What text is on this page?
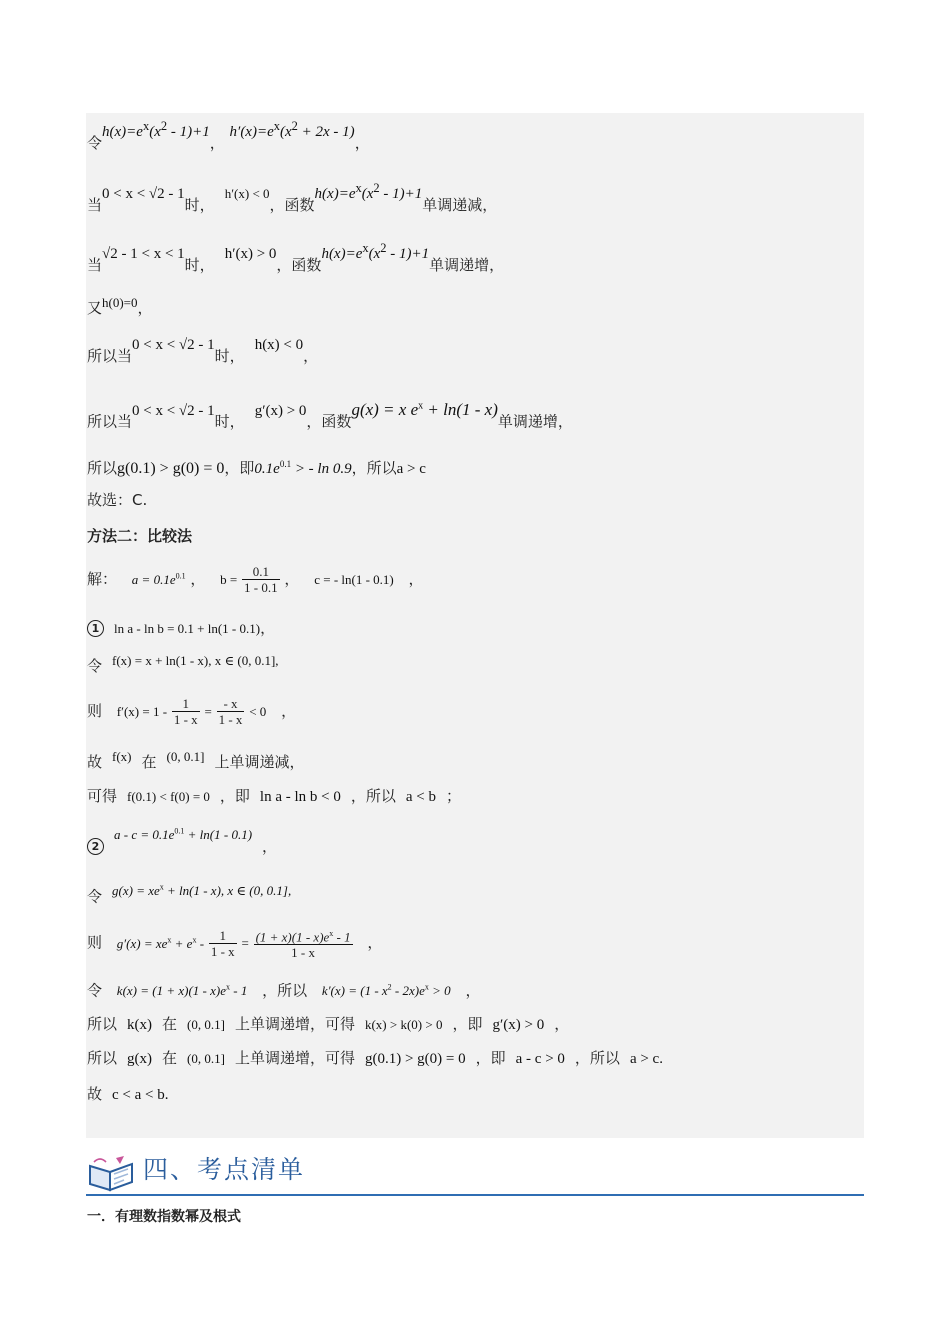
令$h(x)=e^x(x^2 - 1)+1$， $h'(x)=e^x(x^2 + 2x - 1)$，
当0 < x < √2 - 1时，h′(x) < 0，函数$h(x)=e^x(x^2 - 1)+1$单调递减，
当√2 - 1 < x < 1时，h′(x) > 0，函数$h(x)=e^x(x^2 - 1)+1$单调递增，
又h(0)=0，
所以当0 < x < √2 - 1时，h(x) < 0，
所以当0 < x < √2 - 1时，g′(x) > 0，函数g(x) = x $e^x + \ln(1 - x)$单调递增，
所以g(0.1) > g(0) = 0，即$0.1e^{0.1}$ > - ln 0.9，所以a > c
故选：C.
方法二：比较法
解： $a = 0.1e^{0.1}$ ， $b = \frac{0.1}{1 - 0.1}$ ， c = - ln(1 - 0.1) ，
1 ln a - ln b = 0.1 + ln(1 - 0.1)，
令 f(x) = x + ln(1 - x), x ∈ (0, 0.1],
则 $f'(x) = 1 - \frac{1}{1 - x} = \frac{- x}{1 - x} < 0$ ，
故 f(x) 在 (0, 0.1] 上单调递减，
可得 f(0.1) < f(0) = 0 ，即 ln a - ln b < 0 ，所以 a < b ；
$2a - c = 0.1e^{0.1} + \ln(1 - 0.1)$，
令 $g(x) = xe^x + \ln(1 - x)$, x ∈ (0, 0.1],
则 $g'(x) = xe^x + e^x - \frac{1}{1 - x} = \frac{(1 + x)(1 - x)e^x - 1}{1 - x}$ ，
令 $k(x) = (1 + x)(1 - x)e^x - 1$ ，所以 $k'(x) = (1 - x^2 - 2x)e^x > 0$ ，
所以 k(x) 在 (0, 0.1] 上单调递增，可得 k(x) > k(0) > 0 ，即 g′(x) > 0 ，
所以 g(x) 在 (0, 0.1] 上单调递增，可得 g(0.1) > g(0) = 0 ，即 a - c > 0 ，所以 a > c.
故 c < a < b.
四、考点清单
一．有理数指数幂及根式
